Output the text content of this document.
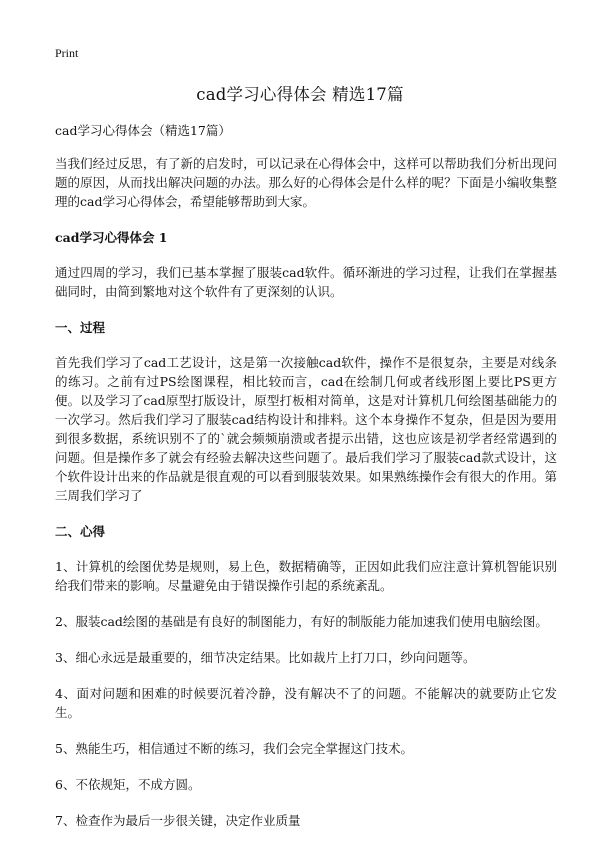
Print
cad学习心得体会 精选17篇

cad学习心得体会（精选17篇）

当我们经过反思，有了新的启发时，可以记录在心得体会中，这样可以帮助我们分析出现问题的原因，从而找出解决问题的办法。那么好的心得体会是什么样的呢？下面是小编收集整理的cad学习心得体会，希望能够帮助到大家。

cad学习心得体会 1

通过四周的学习，我们已基本掌握了服装cad软件。循环渐进的学习过程，让我们在掌握基础同时，由简到繁地对这个软件有了更深刻的认识。

一、过程

首先我们学习了cad工艺设计，这是第一次接触cad软件，操作不是很复杂，主要是对线条的练习。之前有过PS绘图课程，相比较而言，cad在绘制几何或者线形图上要比PS更方便。以及学习了cad原型打版设计，原型打板相对简单，这是对计算机几何绘图基础能力的一次学习。然后我们学习了服装cad结构设计和排料。这个本身操作不复杂，但是因为要用到很多数据，系统识别不了的`就会频频崩溃或者提示出错，这也应该是初学者经常遇到的问题。但是操作多了就会有经验去解决这些问题了。最后我们学习了服装cad款式设计，这个软件设计出来的作品就是很直观的可以看到服装效果。如果熟练操作会有很大的作用。第三周我们学习了

二、心得

1、计算机的绘图优势是规则，易上色，数据精确等，正因如此我们应注意计算机智能识别给我们带来的影响。尽量避免由于错误操作引起的系统紊乱。

2、服装cad绘图的基础是有良好的制图能力，有好的制版能力能加速我们使用电脑绘图。

3、细心永远是最重要的，细节决定结果。比如裁片上打刀口，纱向问题等。

4、面对问题和困难的时候要沉着冷静，没有解决不了的问题。不能解决的就要防止它发生。

5、熟能生巧，相信通过不断的练习，我们会完全掌握这门技术。

6、不依规矩，不成方圆。

7、检查作为最后一步很关键，决定作业质量
